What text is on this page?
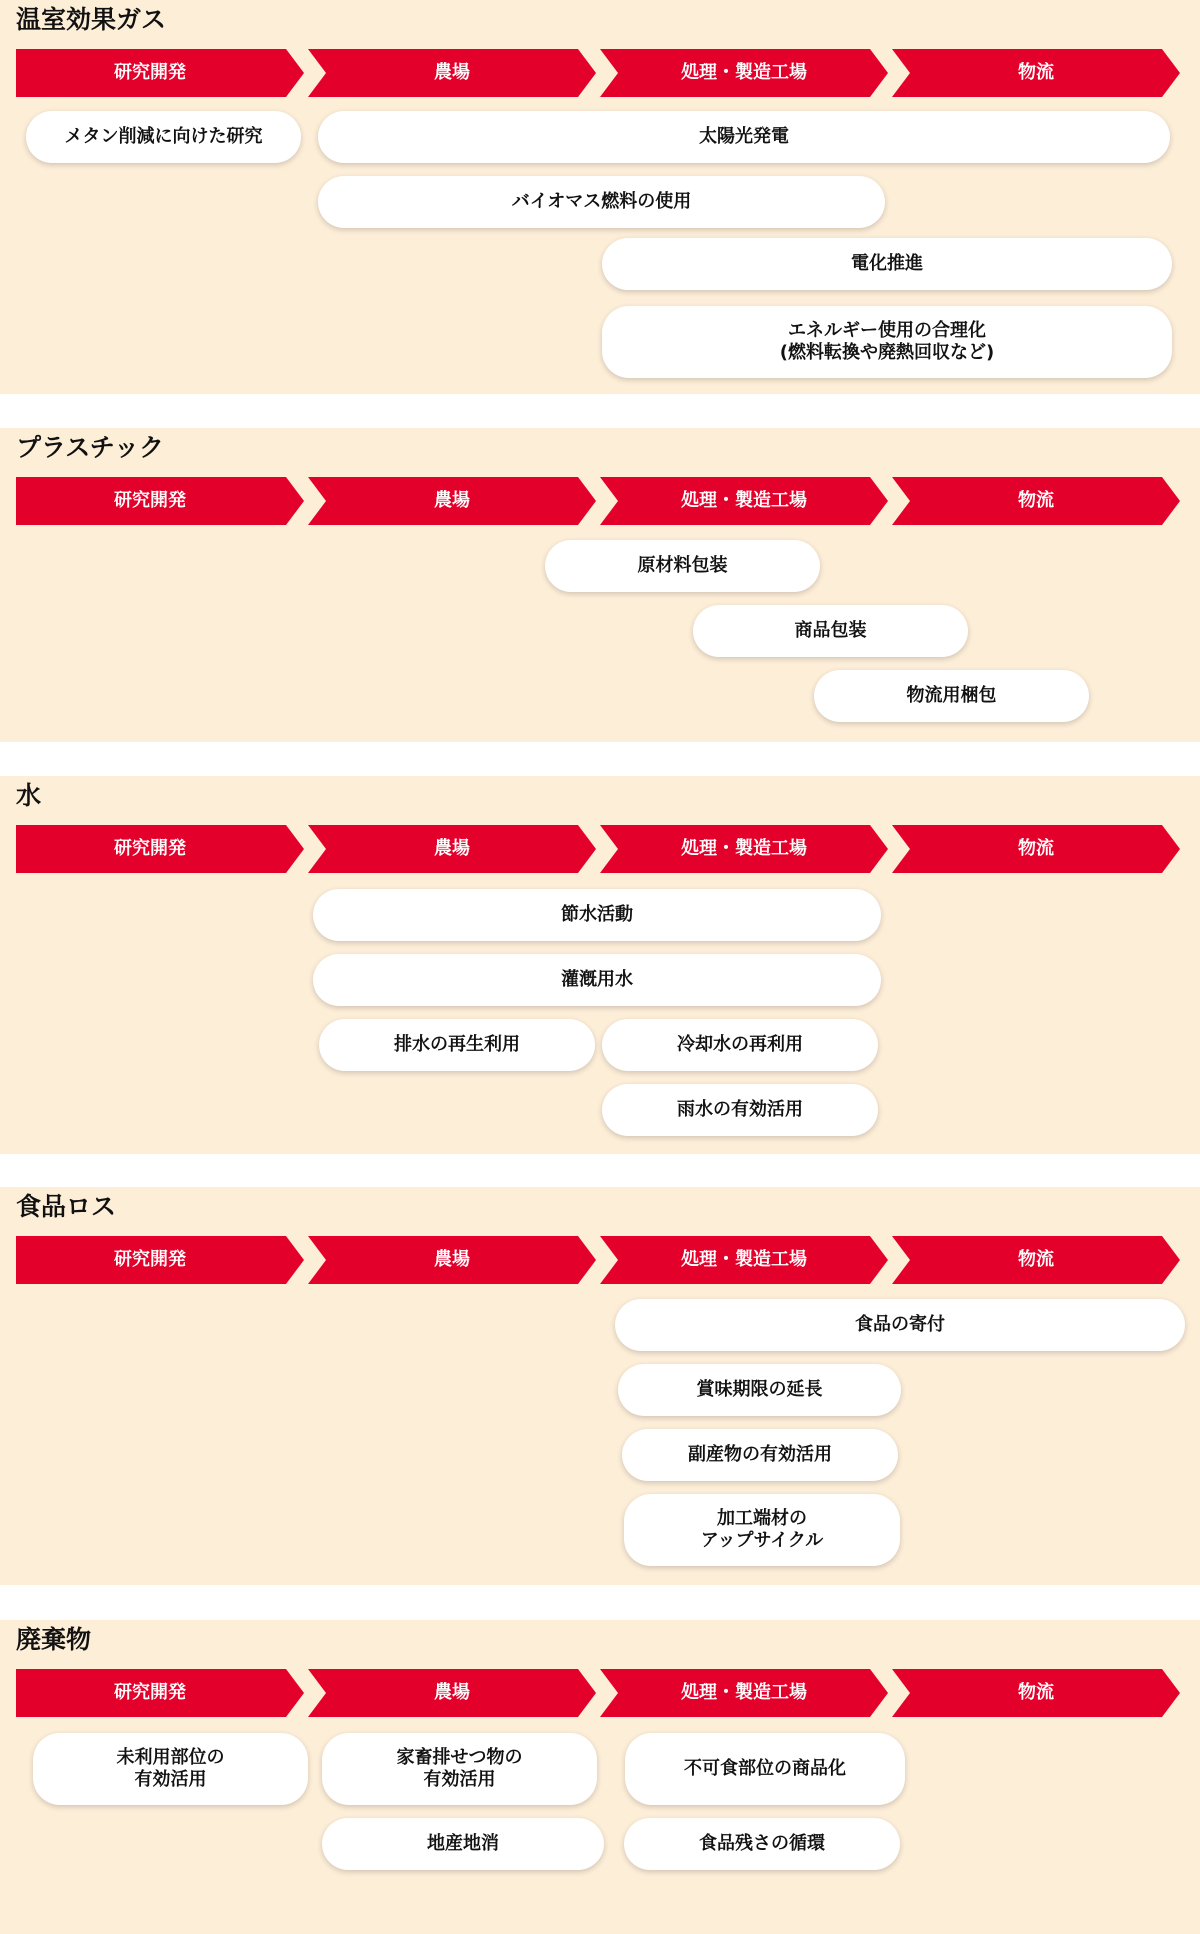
温室効果ガス
研究開発	農場	処理・製造工場	物流
メタン削減に向けた研究	太陽光発電
バイオマス燃料の使用
電化推進
エネルギー使用の合理化
(燃料転換や廃熱回収など)
プラスチック
研究開発	農場	処理・製造工場	物流
原材料包装
商品包装
物流用梱包
水
研究開発	農場	処理・製造工場	物流
節水活動
灌漑用水
排水の再生利用	冷却水の再利用
雨水の有効活用
食品ロス
研究開発	農場	処理・製造工場	物流
食品の寄付
賞味期限の延長
副産物の有効活用
加工端材の
アップサイクル
廃棄物
研究開発	農場	処理・製造工場	物流
未利用部位の
有効活用
家畜排せつ物の
有効活用
不可食部位の商品化
地産地消	食品残さの循環
